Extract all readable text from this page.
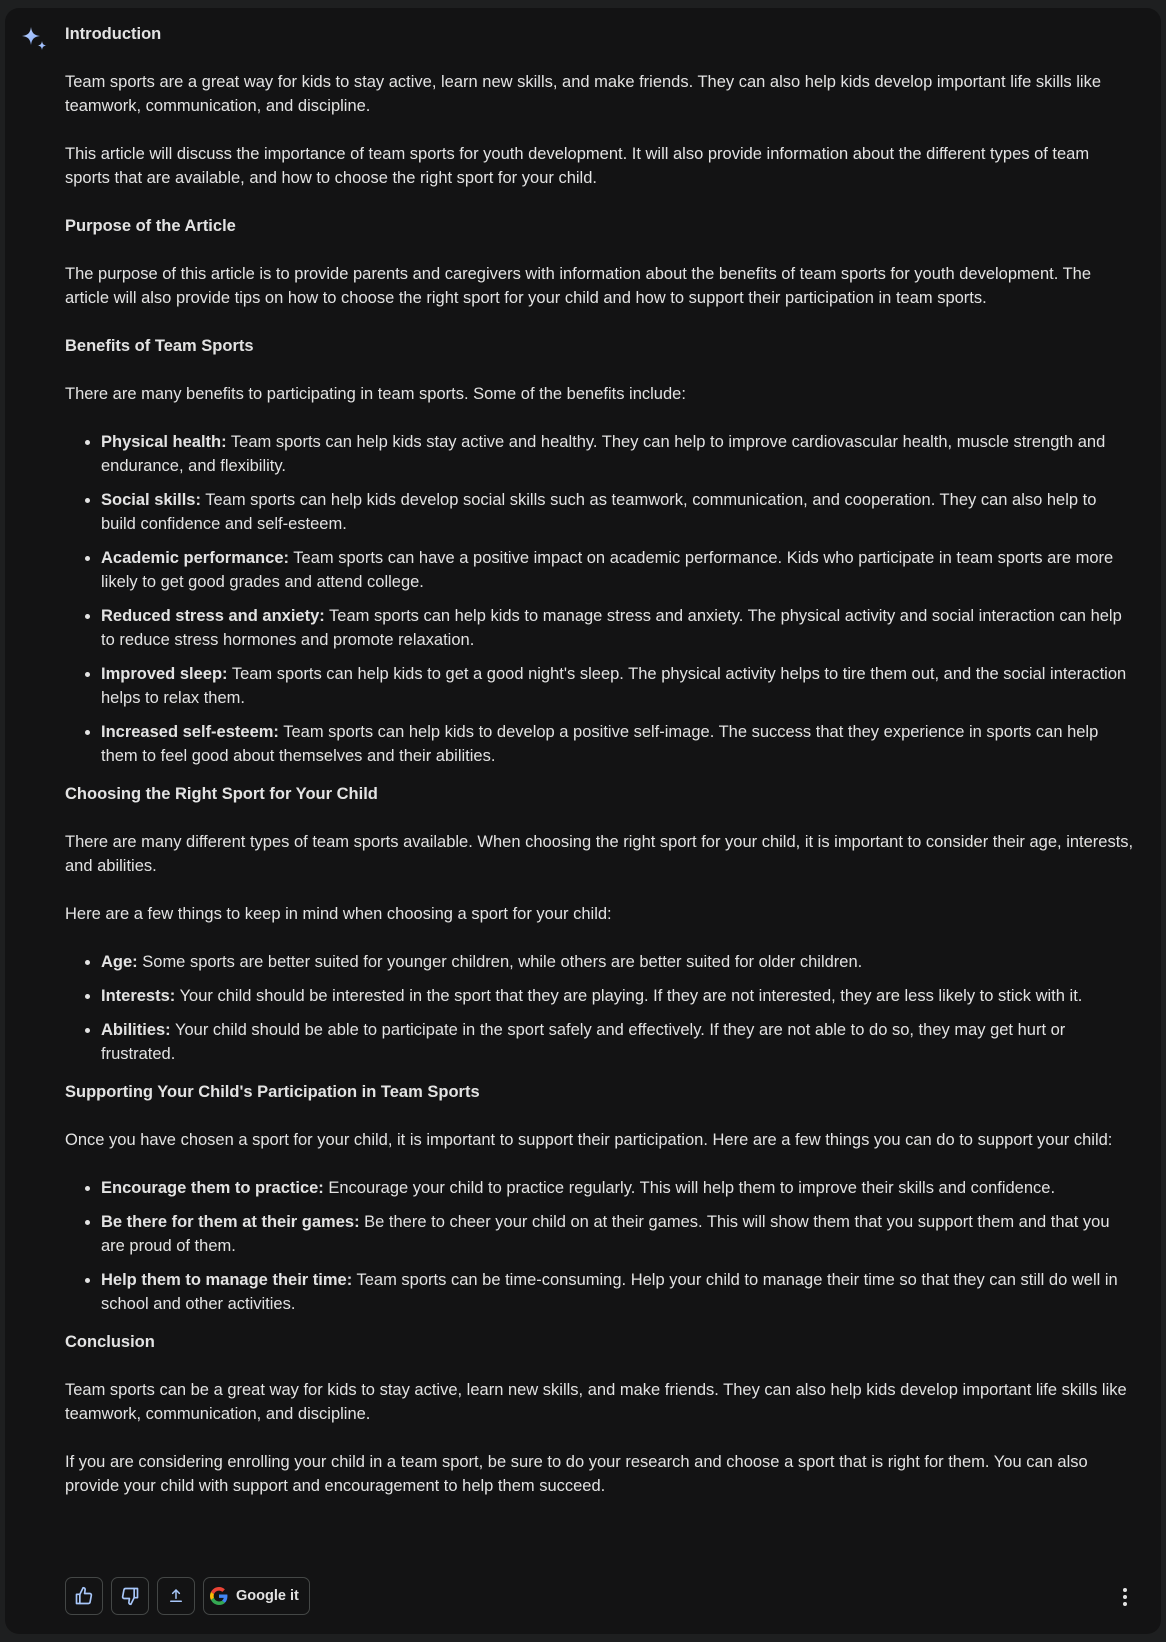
Introduction

Team sports are a great way for kids to stay active, learn new skills, and make friends. They can also help kids develop important life skills like teamwork, communication, and discipline.

This article will discuss the importance of team sports for youth development. It will also provide information about the different types of team sports that are available, and how to choose the right sport for your child.

Purpose of the Article

The purpose of this article is to provide parents and caregivers with information about the benefits of team sports for youth development. The article will also provide tips on how to choose the right sport for your child and how to support their participation in team sports.

Benefits of Team Sports

There are many benefits to participating in team sports. Some of the benefits include:

• Physical health: Team sports can help kids stay active and healthy. They can help to improve cardiovascular health, muscle strength and endurance, and flexibility.
• Social skills: Team sports can help kids develop social skills such as teamwork, communication, and cooperation. They can also help to build confidence and self-esteem.
• Academic performance: Team sports can have a positive impact on academic performance. Kids who participate in team sports are more likely to get good grades and attend college.
• Reduced stress and anxiety: Team sports can help kids to manage stress and anxiety. The physical activity and social interaction can help to reduce stress hormones and promote relaxation.
• Improved sleep: Team sports can help kids to get a good night's sleep. The physical activity helps to tire them out, and the social interaction helps to relax them.
• Increased self-esteem: Team sports can help kids to develop a positive self-image. The success that they experience in sports can help them to feel good about themselves and their abilities.
Choosing the Right Sport for Your Child

There are many different types of team sports available. When choosing the right sport for your child, it is important to consider their age, interests, and abilities.

Here are a few things to keep in mind when choosing a sport for your child:

• Age: Some sports are better suited for younger children, while others are better suited for older children.
• Interests: Your child should be interested in the sport that they are playing. If they are not interested, they are less likely to stick with it.
• Abilities: Your child should be able to participate in the sport safely and effectively. If they are not able to do so, they may get hurt or frustrated.
Supporting Your Child's Participation in Team Sports

Once you have chosen a sport for your child, it is important to support their participation. Here are a few things you can do to support your child:

• Encourage them to practice: Encourage your child to practice regularly. This will help them to improve their skills and confidence.
• Be there for them at their games: Be there to cheer your child on at their games. This will show them that you support them and that you are proud of them.
• Help them to manage their time: Team sports can be time-consuming. Help your child to manage their time so that they can still do well in school and other activities.
Conclusion

Team sports can be a great way for kids to stay active, learn new skills, and make friends. They can also help kids develop important life skills like teamwork, communication, and discipline.

If you are considering enrolling your child in a team sport, be sure to do your research and choose a sport that is right for them. You can also provide your child with support and encouragement to help them succeed.

Google it
